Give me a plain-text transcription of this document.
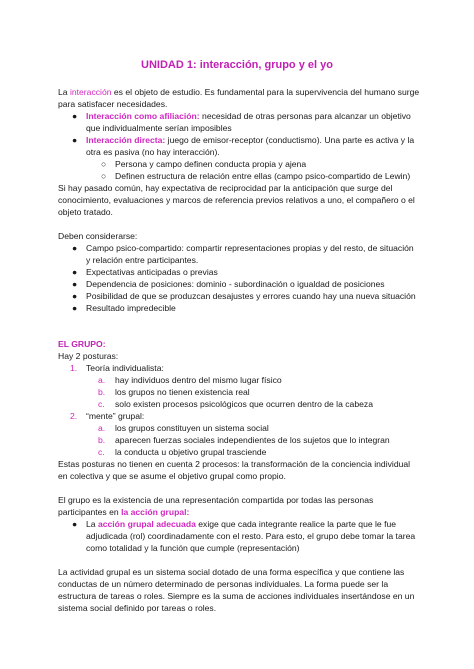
UNIDAD 1: interacción, grupo y el yo

La interacción es el objeto de estudio. Es fundamental para la supervivencia del humano surge para satisfacer necesidades.

●	Interacción como afiliación: necesidad de otras personas para alcanzar un objetivo que individualmente serían imposibles
●	Interacción directa: juego de emisor-receptor (conductismo). Una parte es activa y la otra es pasiva (no hay interacción).
○	Persona y campo definen conducta propia y ajena
○	Definen estructura de relación entre ellas (campo psico-compartido de Lewin)

Si hay pasado común, hay expectativa de reciprocidad par la anticipación que surge del conocimiento, evaluaciones y marcos de referencia previos relativos a uno, el compañero o el objeto tratado.

Deben considerarse:

●	Campo psico-compartido: compartir representaciones propias y del resto, de situación y relación entre participantes.
●	Expectativas anticipadas o previas
●	Dependencia de posiciones: dominio - subordinación o igualdad de posiciones
●	Posibilidad de que se produzcan desajustes y errores cuando hay una nueva situación
●	Resultado impredecible

EL GRUPO:

Hay 2 posturas:

1.	Teoría individualista:
a.	hay individuos dentro del mismo lugar físico
b.	los grupos no tienen existencia real
c.	solo existen procesos psicológicos que ocurren dentro de la cabeza
2.	“mente” grupal:
a.	los grupos constituyen un sistema social
b.	aparecen fuerzas sociales independientes de los sujetos que lo integran
c.	la conducta u objetivo grupal trasciende

Estas posturas no tienen en cuenta 2 procesos: la transformación de la conciencia individual en colectiva y que se asume el objetivo grupal como propio.

El grupo es la existencia de una representación compartida por todas las personas participantes en la acción grupal:

●	La acción grupal adecuada exige que cada integrante realice la parte que le fue adjudicada (rol) coordinadamente con el resto. Para esto, el grupo debe tomar la tarea como totalidad y la función que cumple (representación)

La actividad grupal es un sistema social dotado de una forma específica y que contiene las conductas de un número determinado de personas individuales. La forma puede ser la estructura de tareas o roles. Siempre es la suma de acciones individuales insertándose en un sistema social definido por tareas o roles.
